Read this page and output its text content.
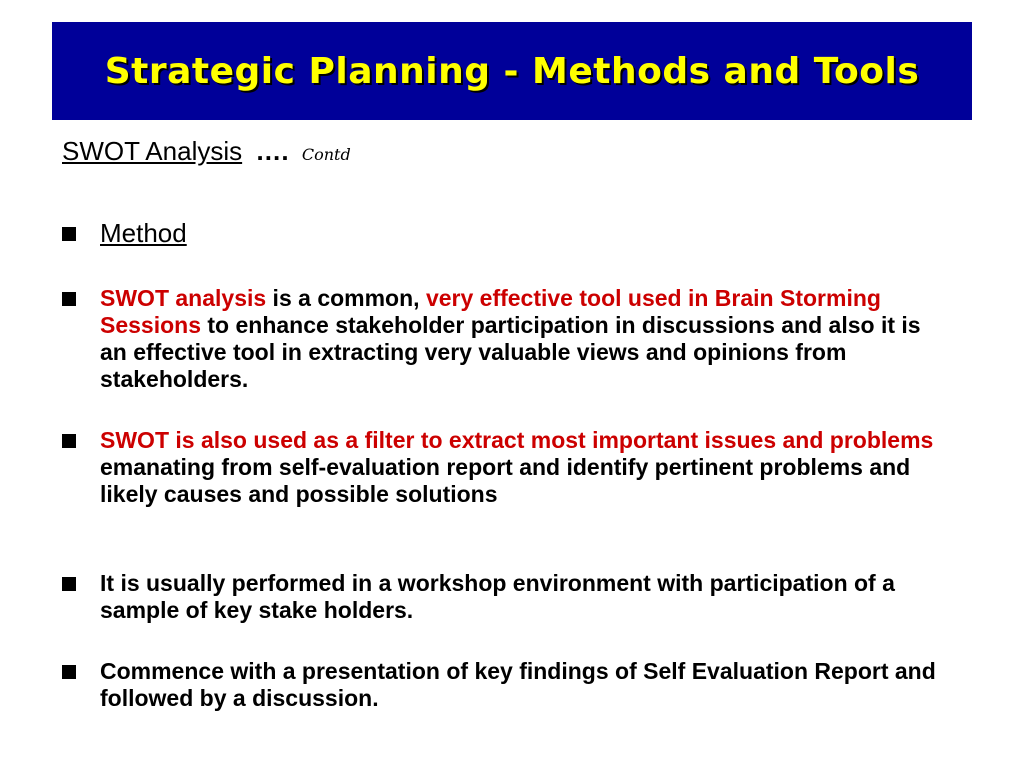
Strategic Planning - Methods and Tools
SWOT Analysis …. Contd
Method
SWOT analysis is a common, very effective tool used in Brain Storming Sessions to enhance stakeholder participation in discussions and also it is an effective tool in extracting very valuable views and opinions from stakeholders.
SWOT is also used as a filter to extract most important issues and problems emanating from self-evaluation report and identify pertinent problems and likely causes and possible solutions
It is usually performed in a workshop environment with participation of a sample of key stake holders.
Commence with a presentation of key findings of Self Evaluation Report and followed by a discussion.
